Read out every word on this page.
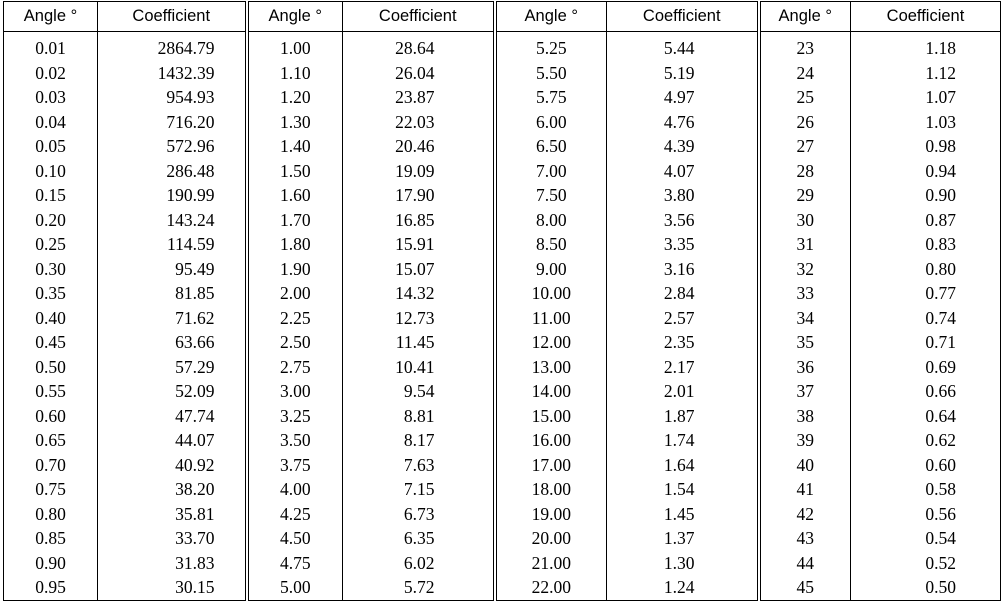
Angle °	Coefficient	Angle °	Coefficient	Angle °	Coefficient	Angle °	Coefficient
0.01	2864.79	1.00	28.64	5.25	5.44	23	1.18
0.02	1432.39	1.10	26.04	5.50	5.19	24	1.12
0.03	954.93	1.20	23.87	5.75	4.97	25	1.07
0.04	716.20	1.30	22.03	6.00	4.76	26	1.03
0.05	572.96	1.40	20.46	6.50	4.39	27	0.98
0.10	286.48	1.50	19.09	7.00	4.07	28	0.94
0.15	190.99	1.60	17.90	7.50	3.80	29	0.90
0.20	143.24	1.70	16.85	8.00	3.56	30	0.87
0.25	114.59	1.80	15.91	8.50	3.35	31	0.83
0.30	95.49	1.90	15.07	9.00	3.16	32	0.80
0.35	81.85	2.00	14.32	10.00	2.84	33	0.77
0.40	71.62	2.25	12.73	11.00	2.57	34	0.74
0.45	63.66	2.50	11.45	12.00	2.35	35	0.71
0.50	57.29	2.75	10.41	13.00	2.17	36	0.69
0.55	52.09	3.00	9.54	14.00	2.01	37	0.66
0.60	47.74	3.25	8.81	15.00	1.87	38	0.64
0.65	44.07	3.50	8.17	16.00	1.74	39	0.62
0.70	40.92	3.75	7.63	17.00	1.64	40	0.60
0.75	38.20	4.00	7.15	18.00	1.54	41	0.58
0.80	35.81	4.25	6.73	19.00	1.45	42	0.56
0.85	33.70	4.50	6.35	20.00	1.37	43	0.54
0.90	31.83	4.75	6.02	21.00	1.30	44	0.52
0.95	30.15	5.00	5.72	22.00	1.24	45	0.50
